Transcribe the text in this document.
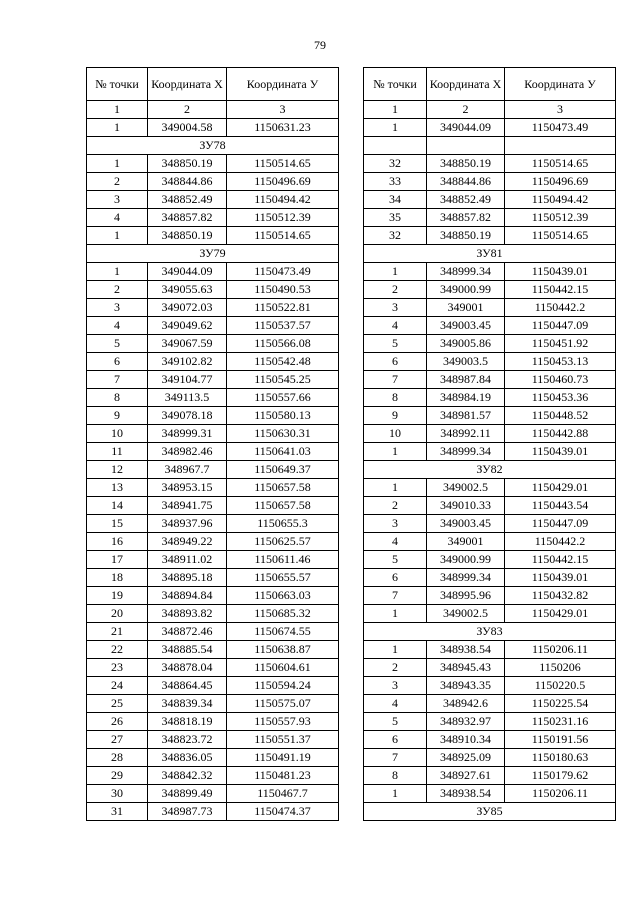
79
№ точки	Координата Х	Координата У
1	2	3
1	349004.58	1150631.23
ЗУ78		
1	348850.19	1150514.65
2	348844.86	1150496.69
3	348852.49	1150494.42
4	348857.82	1150512.39
1	348850.19	1150514.65
ЗУ79		
1	349044.09	1150473.49
2	349055.63	1150490.53
3	349072.03	1150522.81
4	349049.62	1150537.57
5	349067.59	1150566.08
6	349102.82	1150542.48
7	349104.77	1150545.25
8	349113.5	1150557.66
9	349078.18	1150580.13
10	348999.31	1150630.31
11	348982.46	1150641.03
12	348967.7	1150649.37
13	348953.15	1150657.58
14	348941.75	1150657.58
15	348937.96	1150655.3
16	348949.22	1150625.57
17	348911.02	1150611.46
18	348895.18	1150655.57
19	348894.84	1150663.03
20	348893.82	1150685.32
21	348872.46	1150674.55
22	348885.54	1150638.87
23	348878.04	1150604.61
24	348864.45	1150594.24
25	348839.34	1150575.07
26	348818.19	1150557.93
27	348823.72	1150551.37
28	348836.05	1150491.19
29	348842.32	1150481.23
30	348899.49	1150467.7
31	348987.73	1150474.37
№ точки	Координата Х	Координата У
1	2	3
1	349044.09	1150473.49

32	348850.19	1150514.65
33	348844.86	1150496.69
34	348852.49	1150494.42
35	348857.82	1150512.39
32	348850.19	1150514.65
ЗУ81		
1	348999.34	1150439.01
2	349000.99	1150442.15
3	349001	1150442.2
4	349003.45	1150447.09
5	349005.86	1150451.92
6	349003.5	1150453.13
7	348987.84	1150460.73
8	348984.19	1150453.36
9	348981.57	1150448.52
10	348992.11	1150442.88
1	348999.34	1150439.01
ЗУ82		
1	349002.5	1150429.01
2	349010.33	1150443.54
3	349003.45	1150447.09
4	349001	1150442.2
5	349000.99	1150442.15
6	348999.34	1150439.01
7	348995.96	1150432.82
1	349002.5	1150429.01
ЗУ83		
1	348938.54	1150206.11
2	348945.43	1150206
3	348943.35	1150220.5
4	348942.6	1150225.54
5	348932.97	1150231.16
6	348910.34	1150191.56
7	348925.09	1150180.63
8	348927.61	1150179.62
1	348938.54	1150206.11
ЗУ85		
